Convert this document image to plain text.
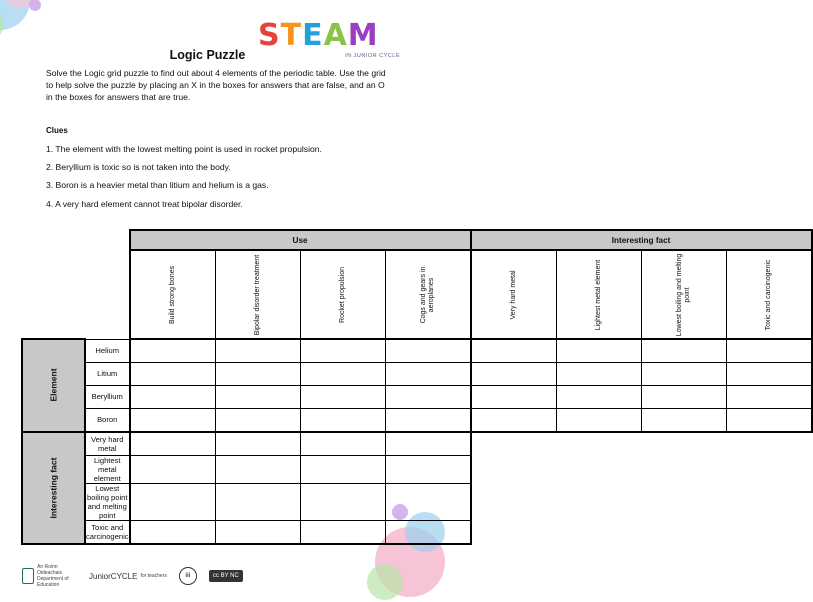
STEAM
IN JUNIOR CYCLE
Logic Puzzle
Solve the Logic grid puzzle to find out about 4 elements of the periodic table. Use the grid to help solve the puzzle by placing an X in the boxes for answers that are false, and an O in the boxes for answers that are true.
Clues
1. The element with the lowest melting point is used in rocket propulsion.
2. Beryllium is toxic so is not taken into the body.
3. Boron is a heavier metal than litium and helium is a gas.
4. A very hard element cannot treat bipolar disorder.
		Use				Interesting fact			

		Build strong bones	Bipolar disorder treatment	Rocket propulsion	Cogs and gears in aeroplanes	Very hard metal	Lightest metal element	Lowest boiling and melting point	Toxic and carcinogenic

Element	Helium								
	Litium								
	Beryllium								
	Boron								
Interesting fact	Very hard metal								
	Lightest metal element								
	Lowest boiling point and melting point								
	Toxic and carcinogenic								
An Roinn Oideachais Department of Education
JuniorCYCLE for teachers	iii	cc BY NC
